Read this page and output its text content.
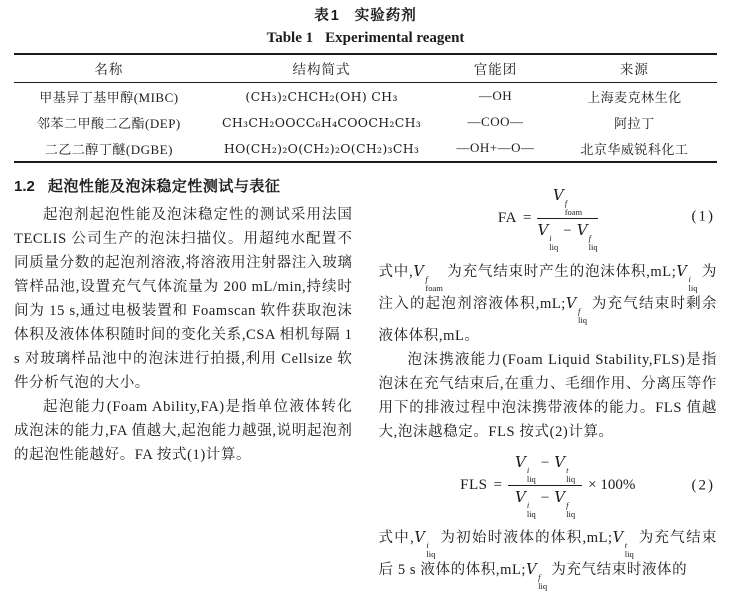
表1 实验药剂
Table 1 Experimental reagent
名称	结构简式	官能团	来源
甲基异丁基甲醇(MIBC)	(CH₃)₂CHCH₂(OH) CH₃	—OH	上海麦克林生化
邻苯二甲酸二乙酯(DEP)	CH₃CH₂OOCC₆H₄COOCH₂CH₃	—COO—	阿拉丁
二乙二醇丁醚(DGBE)	HO(CH₂)₂O(CH₂)₂O(CH₂)₃CH₃	—OH+—O—	北京华威锐科化工
1.2 起泡性能及泡沫稳定性测试与表征

起泡剂起泡性能及泡沫稳定性的测试采用法国 TECLIS 公司生产的泡沫扫描仪。用超纯水配置不同质量分数的起泡剂溶液,将溶液用注射器注入玻璃管样品池,设置充气气体流量为 200 mL/min,持续时间为 15 s,通过电极装置和 Foamscan 软件获取泡沫体积及液体体积随时间的变化关系,CSA 相机每隔 1 s 对玻璃样品池中的泡沫进行拍摄,利用 Cellsize 软件分析气泡的大小。

起泡能力(Foam Ability,FA)是指单位液体转化成泡沫的能力,FA 值越大,起泡能力越强,说明起泡剂的起泡性能越好。FA 按式(1)计算。

FA = V f
foam
V i
liq
− V f
liq	(1)

式中,V f
foam
为充气结束时产生的泡沫体积,mL;V i
liq
为注入的起泡剂溶液体积,mL;V f
liq
为充气结束时剩余液体体积,mL。

泡沫携液能力(Foam Liquid Stability,FLS)是指泡沫在充气结束后,在重力、毛细作用、分离压等作用下的排液过程中泡沫携带液体的能力。FLS 值越大,泡沫越稳定。FLS 按式(2)计算。

FLS = V i
liq
− V t
liq
V i
liq
− V f
liq × 100%	(2)

式中,V i
liq
为初始时液体的体积,mL;V t
liq
为充气结束后 5 s 液体的体积,mL;V f
liq
为充气结束时液体的
